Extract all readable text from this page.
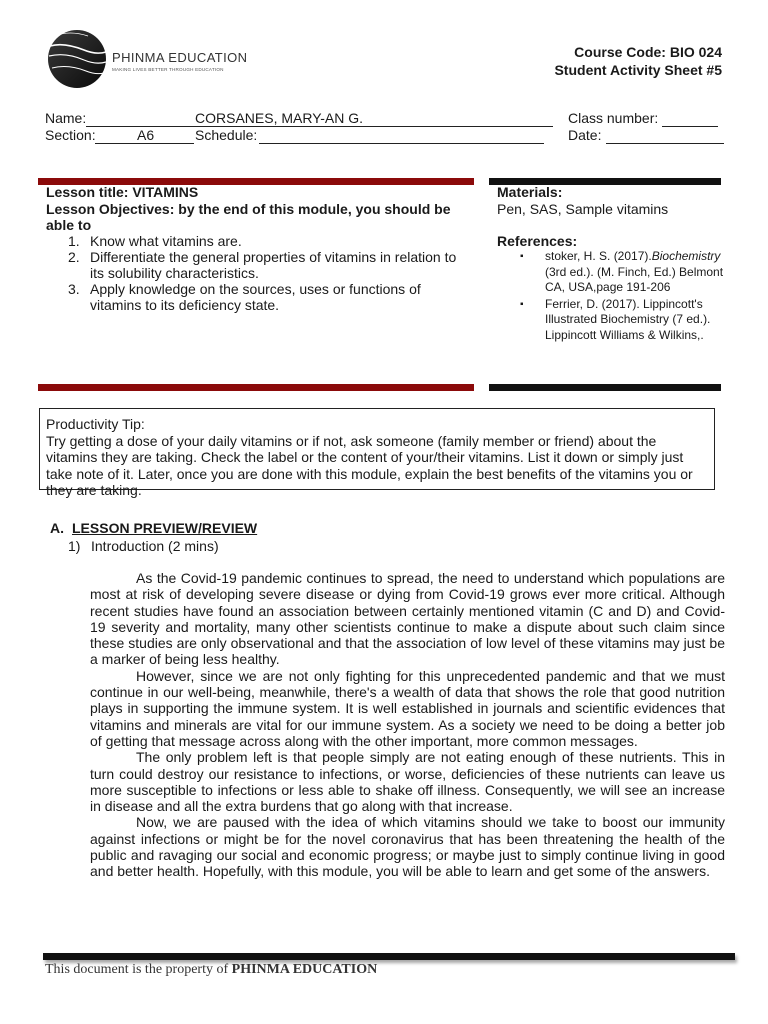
PHINMA EDUCATION
MAKING LIVES BETTER THROUGH EDUCATION
Course Code: BIO 024
Student Activity Sheet #5
Name:	CORSANES, MARY-AN G.	Class number:
Section:	A6	Schedule:	Date:
Lesson title: VITAMINS
Lesson Objectives: by the end of this module, you should be able to
1. Know what vitamins are.
2. Differentiate the general properties of vitamins in relation to its solubility characteristics.
3. Apply knowledge on the sources, uses or functions of vitamins to its deficiency state.
Materials:
Pen, SAS, Sample vitamins
References:
▪ stoker, H. S. (2017).Biochemistry (3rd ed.). (M. Finch, Ed.) Belmont CA, USA,page 191-206
▪ Ferrier, D. (2017). Lippincott's Illustrated Biochemistry (7 ed.). Lippincott Williams & Wilkins,.
Productivity Tip:
Try getting a dose of your daily vitamins or if not, ask someone (family member or friend) about the vitamins they are taking. Check the label or the content of your/their vitamins. List it down or simply just take note of it. Later, once you are done with this module, explain the best benefits of the vitamins you or they are taking.
A. LESSON PREVIEW/REVIEW
1) Introduction (2 mins)

As the Covid-19 pandemic continues to spread, the need to understand which populations are most at risk of developing severe disease or dying from Covid-19 grows ever more critical. Although recent studies have found an association between certainly mentioned vitamin (C and D) and Covid-19 severity and mortality, many other scientists continue to make a dispute about such claim since these studies are only observational and that the association of low level of these vitamins may just be a marker of being less healthy.

However, since we are not only fighting for this unprecedented pandemic and that we must continue in our well-being, meanwhile, there's a wealth of data that shows the role that good nutrition plays in supporting the immune system. It is well established in journals and scientific evidences that vitamins and minerals are vital for our immune system. As a society we need to be doing a better job of getting that message across along with the other important, more common messages.

The only problem left is that people simply are not eating enough of these nutrients. This in turn could destroy our resistance to infections, or worse, deficiencies of these nutrients can leave us more susceptible to infections or less able to shake off illness. Consequently, we will see an increase in disease and all the extra burdens that go along with that increase.

Now, we are paused with the idea of which vitamins should we take to boost our immunity against infections or might be for the novel coronavirus that has been threatening the health of the public and ravaging our social and economic progress; or maybe just to simply continue living in good and better health. Hopefully, with this module, you will be able to learn and get some of the answers.

This document is the property of PHINMA EDUCATION
